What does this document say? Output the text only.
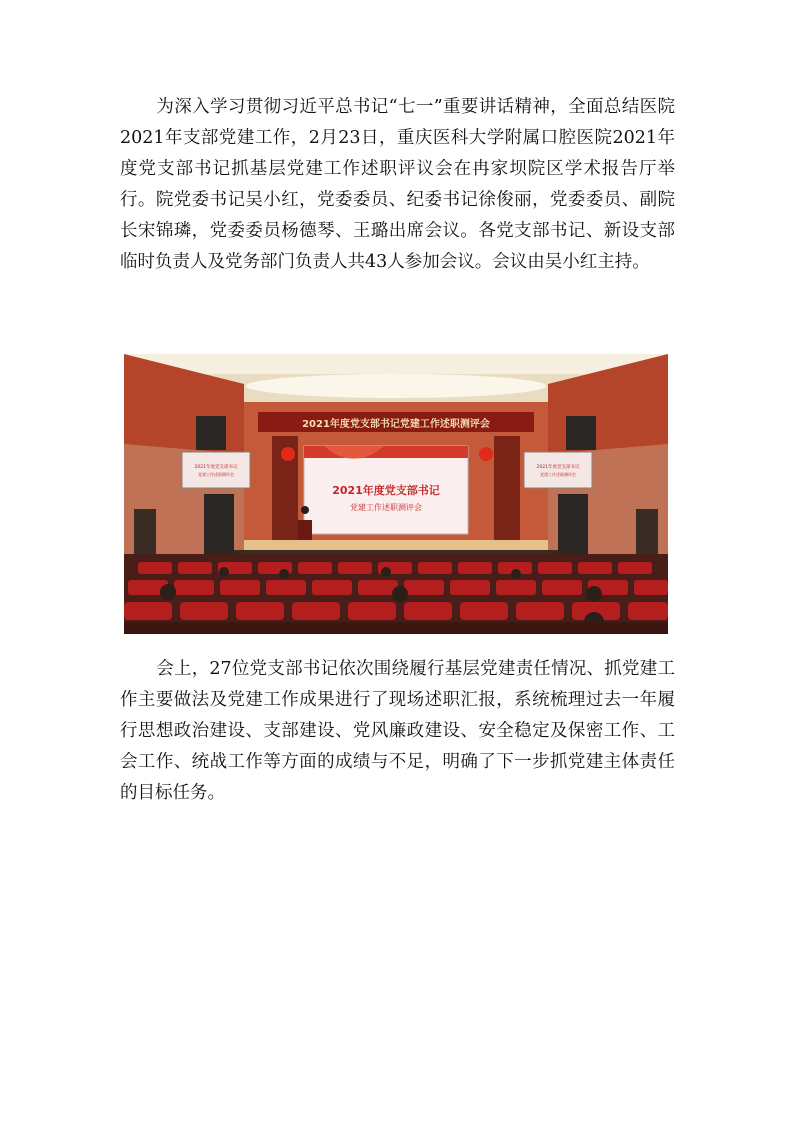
为深入学习贯彻习近平总书记“七一”重要讲话精神，全面总结医院2021年支部党建工作，2月23日，重庆医科大学附属口腔医院2021年度党支部书记抓基层党建工作述职评议会在冉家坝院区学术报告厅举行。院党委书记吴小红，党委委员、纪委书记徐俊丽，党委委员、副院长宋锦璘，党委委员杨德琴、王璐出席会议。各党支部书记、新设支部临时负责人及党务部门负责人共43人参加会议。会议由吴小红主持。

2021年度党支部书记党建工作述职测评会
2021年度党支部书记
党建工作述职测评会
2021年度党支部书记
党建工作述职测评会
2021年度党支部书记
党建工作述职测评会

会上，27位党支部书记依次围绕履行基层党建责任情况、抓党建工作主要做法及党建工作成果进行了现场述职汇报，系统梳理过去一年履行思想政治建设、支部建设、党风廉政建设、安全稳定及保密工作、工会工作、统战工作等方面的成绩与不足，明确了下一步抓党建主体责任的目标任务。
